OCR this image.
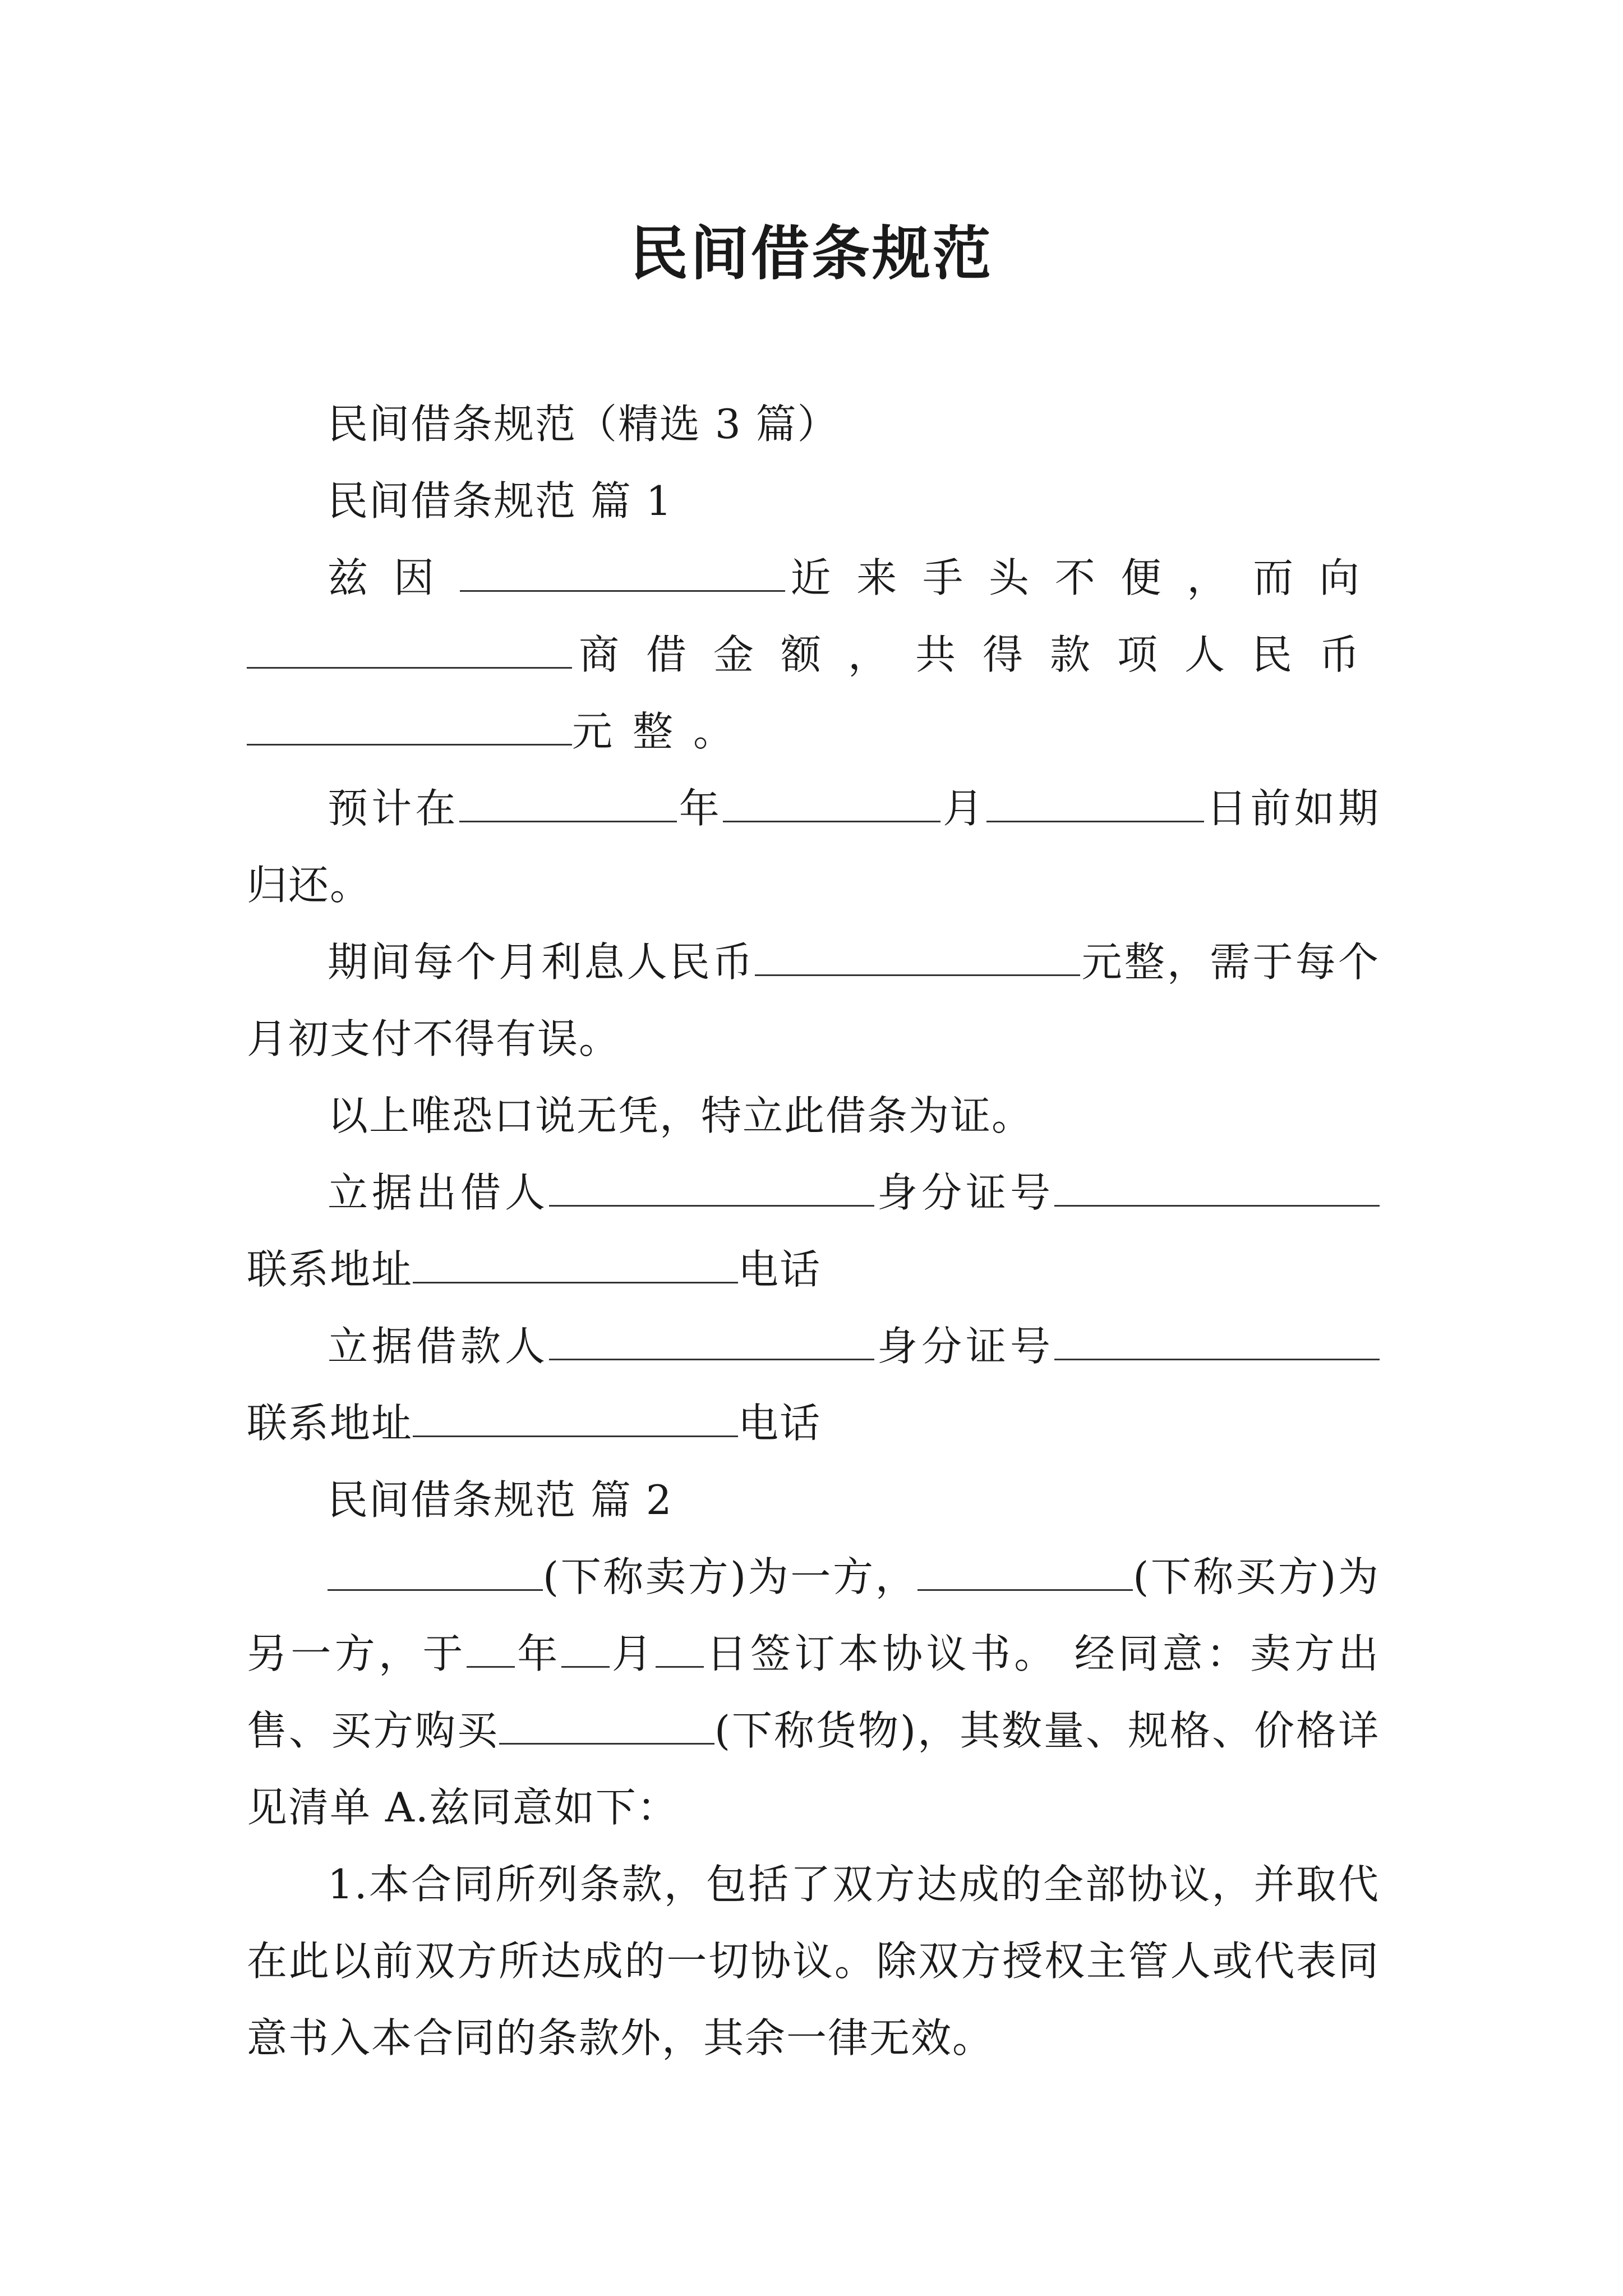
民间借条规范

民间借条规范（精选 3 篇）

民间借条规范 篇 1

兹因	近来手头不便，而向商借金额，共得款项人民币元整。

预计在	年	月	日前如期归还。

期间每个月利息人民币	元整，需于每个月初支付不得有误。

以上唯恐口说无凭，特立此借条为证。

立据出借人	身分证号联系地址	电话

立据借款人	身分证号联系地址	电话

民间借条规范 篇 2

(下称卖方)为一方，	(下称买方)为另一方，于 年 月 日签订本协议书。 经同意：卖方出售、买方购买	(下称货物)，其数量、规格、价格详见清单 A.兹同意如下：

1.本合同所列条款，包括了双方达成的全部协议，并取代在此以前双方所达成的一切协议。除双方授权主管人或代表同意书入本合同的条款外，其余一律无效。
